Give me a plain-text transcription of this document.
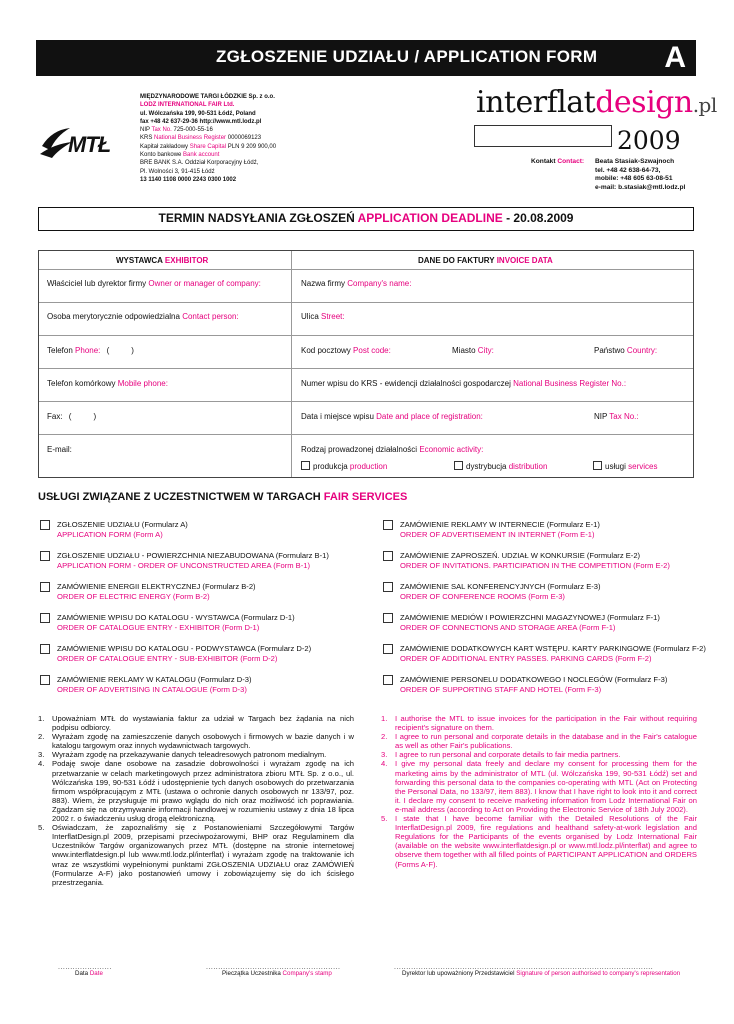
ZGŁOSZENIE UDZIAŁU / APPLICATION FORM A
MIĘDZYNARODOWE TARGI ŁÓDZKIE Sp. z o.o.
LODZ INTERNATIONAL FAIR Ltd.
ul. Wólczańska 199, 90-531 Łódź, Poland
fax +48 42 637-29-36 http://www.mtl.lodz.pl
NIP Tax No. 725-000-55-16
KRS National Business Register 0000069123
Kapitał zakładowy Share Capital PLN 9 209 900,00
Konto bankowe Bank account
BRE BANK S.A. Oddział Korporacyjny Łódź,
Pl. Wolności 3, 91-415 Łódź
13 1140 1108 0000 2243 0300 1002
MTŁ
interflatdesign.pl
2009
Kontakt Contact: Beata Stasiak-Szwajnoch
tel. +48 42 638-64-73,
mobile: +48 605 63-08-51
e-mail: b.stasiak@mtl.lodz.pl
TERMIN NADSYŁANIA ZGŁOSZEŃ APPLICATION DEADLINE - 20.08.2009
WYSTAWCA EXHIBITOR	DANE DO FAKTURY INVOICE DATA
Właściciel lub dyrektor firmy Owner or manager of company:	Nazwa firmy Company's name:
Osoba merytorycznie odpowiedzialna Contact person:	Ulica Street:
Telefon Phone: (	)	Kod pocztowy Post code:	Miasto City:	Państwo Country:
Telefon komórkowy Mobile phone:	Numer wpisu do KRS - ewidencji działalności gospodarczej National Business Register No.:
Fax: (	)	Data i miejsce wpisu Date and place of registration:	NIP Tax No.:
E-mail:	Rodzaj prowadzonej działalności Economic activity:
produkcja production	dystrybucja distribution	usługi services
USŁUGI ZWIĄZANE Z UCZESTNICTWEM W TARGACH FAIR SERVICES
ZGŁOSZENIE UDZIAŁU (Formularz A)
APPLICATION FORM (Form A)
ZGŁOSZENIE UDZIAŁU - POWIERZCHNIA NIEZABUDOWANA (Formularz B-1)
APPLICATION FORM - ORDER OF UNCONSTRUCTED AREA (Form B-1)
ZAMÓWIENIE ENERGII ELEKTRYCZNEJ (Formularz B-2)
ORDER OF ELECTRIC ENERGY (Form B-2)
ZAMÓWIENIE WPISU DO KATALOGU - WYSTAWCA (Formularz D-1)
ORDER OF CATALOGUE ENTRY - EXHIBITOR (Form D-1)
ZAMÓWIENIE WPISU DO KATALOGU - PODWYSTAWCA (Formularz D-2)
ORDER OF CATALOGUE ENTRY - SUB-EXHIBITOR (Form D-2)
ZAMÓWIENIE REKLAMY W KATALOGU (Formularz D-3)
ORDER OF ADVERTISING IN CATALOGUE (Form D-3)
ZAMÓWIENIE REKLAMY W INTERNECIE (Formularz E-1)
ORDER OF ADVERTISEMENT IN INTERNET (Form E-1)
ZAMÓWIENIE ZAPROSZEŃ. UDZIAŁ W KONKURSIE (Formularz E-2)
ORDER OF INVITATIONS. PARTICIPATION IN THE COMPETITION (Form E-2)
ZAMÓWIENIE SAL KONFERENCYJNYCH (Formularz E-3)
ORDER OF CONFERENCE ROOMS (Form E-3)
ZAMÓWIENIE MEDIÓW I POWIERZCHNI MAGAZYNOWEJ (Formularz F-1)
ORDER OF CONNECTIONS AND STORAGE AREA (Form F-1)
ZAMÓWIENIE DODATKOWYCH KART WSTĘPU. KARTY PARKINGOWE (Formularz F-2)
ORDER OF ADDITIONAL ENTRY PASSES. PARKING CARDS (Form F-2)
ZAMÓWIENIE PERSONELU DODATKOWEGO I NOCLEGÓW (Formularz F-3)
ORDER OF SUPPORTING STAFF AND HOTEL (Form F-3)
1. Upoważniam MTŁ do wystawiania faktur za udział w Targach bez żądania na nich podpisu odbiorcy.
2. Wyrażam zgodę na zamieszczenie danych osobowych i firmowych w bazie danych i w katalogu targowym oraz innych wydawnictwach targowych.
3. Wyrażam zgodę na przekazywanie danych teleadresowych patronom medialnym.
4. Podaję swoje dane osobowe na zasadzie dobrowolności i wyrażam zgodę na ich przetwarzanie w celach marketingowych przez administratora zbioru MTŁ Sp. z o.o., ul. Wólczańska 199, 90-531 Łódź i udostępnienie tych danych osobowych do przetwarzania firmom współpracującym z MTŁ (ustawa o ochronie danych osobowych nr 133/97, poz. 883). Wiem, że przysługuje mi prawo wglądu do nich oraz możliwość ich poprawiania. Zgadzam się na otrzymywanie informacji handlowej w rozumieniu ustawy z dnia 18 lipca 2002 r. o świadczeniu usług drogą elektroniczną.
5. Oświadczam, że zapoznaliśmy się z Postanowieniami Szczegółowymi Targów InterflatDesign.pl 2009, przepisami przeciwpożarowymi, BHP oraz Regulaminem dla Uczestników Targów organizowanych przez MTŁ (dostępne na stronie internetowej www.interflatdesign.pl lub www.mtl.lodz.pl/interflat) i wyrażam zgodę na traktowanie ich wraz ze wszystkimi wypełnionymi punktami ZGŁOSZENIA UDZIAŁU oraz ZAMÓWIEŃ (Formularze A-F) jako postanowień umowy i zobowiązujemy się do ich ścisłego przestrzegania.
1. I authorise the MTL to issue invoices for the participation in the Fair without requiring recipient's signature on them.
2. I agree to run personal and corporate details in the database and in the Fair's catalogue as well as other Fair's publications.
3. I agree to run personal and corporate details to fair media partners.
4. I give my personal data freely and declare my consent for processing them for the marketing aims by the administrator of MTL (ul. Wólczańska 199, 90-531 Łódź) set and forwarding this personal data to the companies co-operating with MTL (Act on Protecting the Personal Data, no 133/97, item 883). I know that I have right to look into it and correct it. I declare my consent to receive marketing information from Lodz International Fair on e-mail address (according to Act on Providing the Electronic Service of 18th July 2002).
5. I state that I have become familiar with the Detailed Resolutions of the Fair InterflatDesign.pl 2009, fire regulations and healthand safety-at-work legislation and Regulations for the Participants of the events organised by Lodz International Fair (available on the website www.interflatdesign.pl or www.mtl.lodz.pl/interflat) and agree to observe them together with all filled points of PARTICIPANT APPLICATION and ORDERS (Forms A-F).
......................	.......................................................	..........................................................................................................
Data Date	Pieczątka Uczestnika Company's stamp	Dyrektor lub upoważniony Przedstawiciel Signature of person authorised to company's representation
